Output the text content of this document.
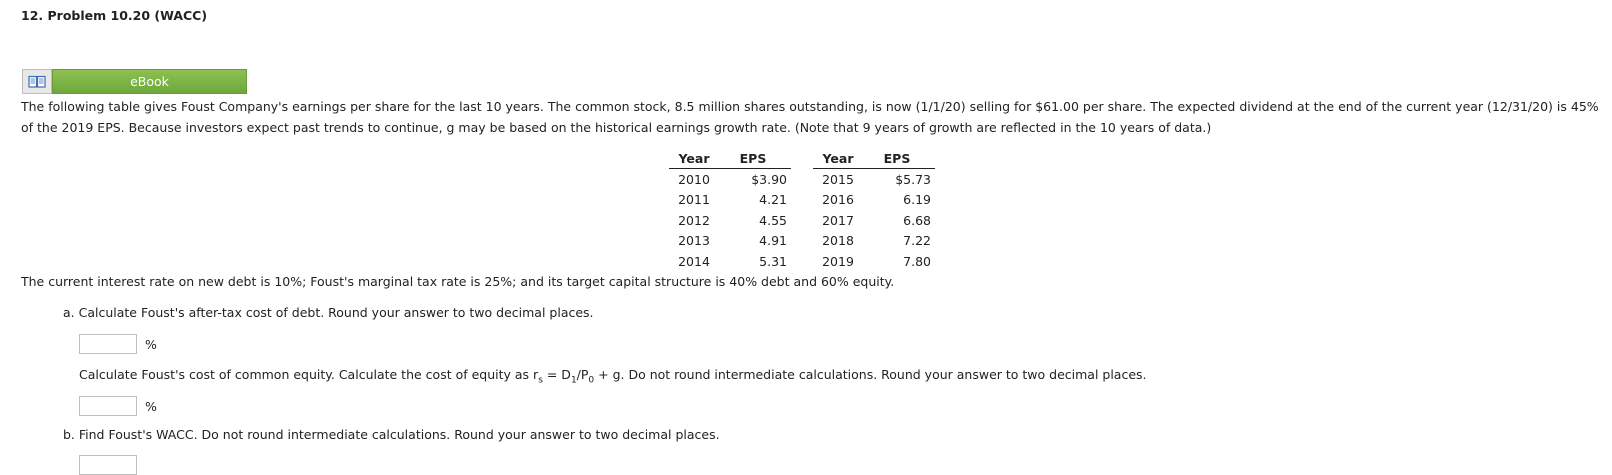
12. Problem 10.20 (WACC)
eBook
The following table gives Foust Company's earnings per share for the last 10 years. The common stock, 8.5 million shares outstanding, is now (1/1/20) selling for $61.00 per share. The expected dividend at the end of the current year (12/31/20) is 45% of the 2019 EPS. Because investors expect past trends to continue, g may be based on the historical earnings growth rate. (Note that 9 years of growth are reflected in the 10 years of data.)
Year	EPS		Year	EPS
2010	$3.90		2015	$5.73
2011	4.21		2016	6.19
2012	4.55		2017	6.68
2013	4.91		2018	7.22
2014	5.31		2019	7.80
The current interest rate on new debt is 10%; Foust's marginal tax rate is 25%; and its target capital structure is 40% debt and 60% equity.
a. Calculate Foust's after-tax cost of debt. Round your answer to two decimal places.
%
Calculate Foust's cost of common equity. Calculate the cost of equity as $r_s = D_1/P_0 + g$. Do not round intermediate calculations. Round your answer to two decimal places.
%
b. Find Foust's WACC. Do not round intermediate calculations. Round your answer to two decimal places.
